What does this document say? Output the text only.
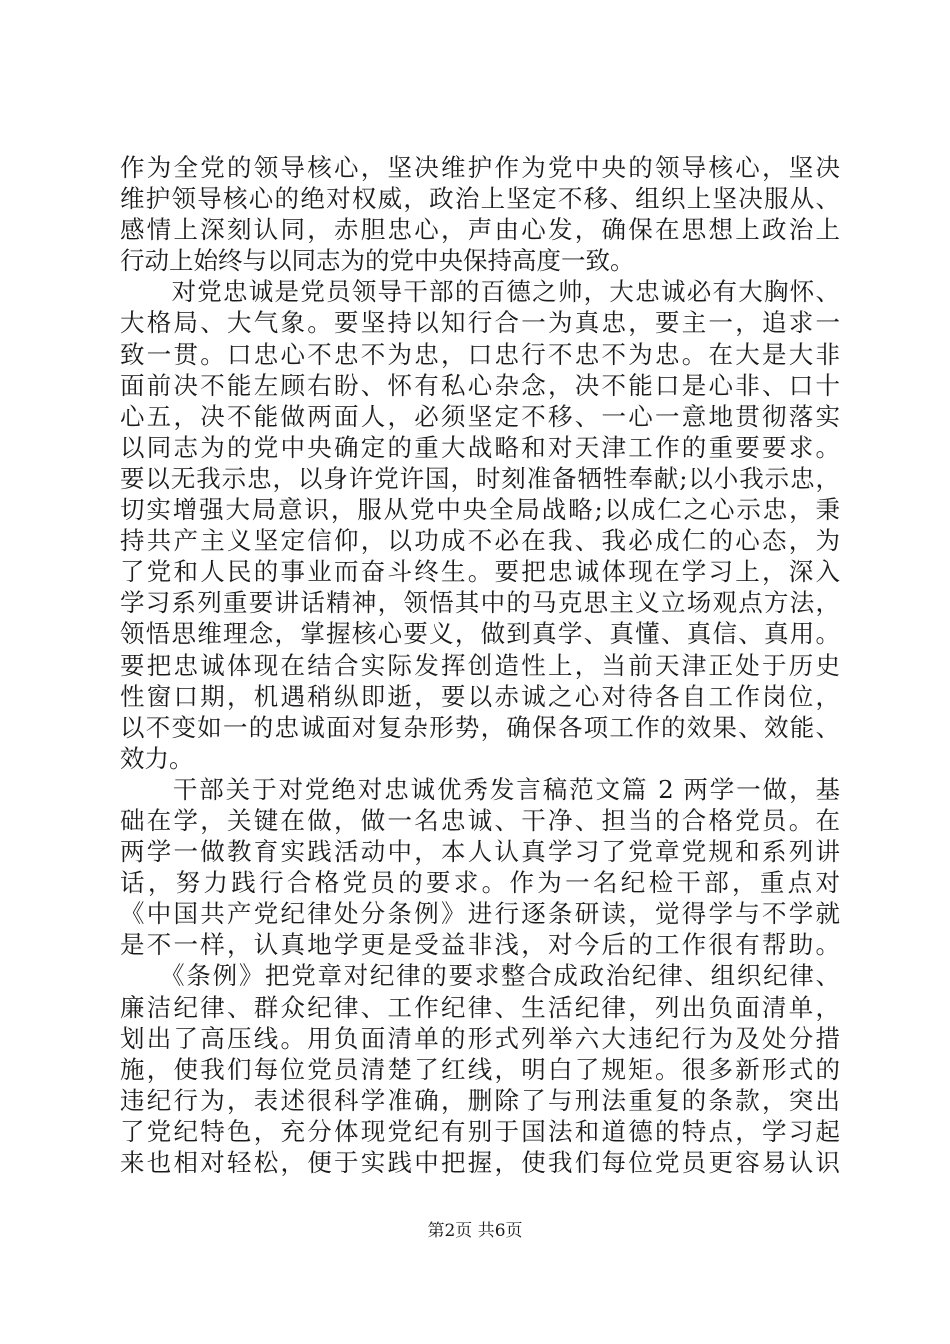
作为全党的领导核心，坚决维护作为党中央的领导核心，坚决
维护领导核心的绝对权威，政治上坚定不移、组织上坚决服从、
感情上深刻认同，赤胆忠心，声由心发，确保在思想上政治上
行动上始终与以同志为的党中央保持高度一致。
　　对党忠诚是党员领导干部的百德之帅，大忠诚必有大胸怀、
大格局、大气象。要坚持以知行合一为真忠，要主一，追求一
致一贯。口忠心不忠不为忠，口忠行不忠不为忠。在大是大非
面前决不能左顾右盼、怀有私心杂念，决不能口是心非、口十
心五，决不能做两面人，必须坚定不移、一心一意地贯彻落实
以同志为的党中央确定的重大战略和对天津工作的重要要求。
要以无我示忠，以身许党许国，时刻准备牺牲奉献;以小我示忠，
切实增强大局意识，服从党中央全局战略;以成仁之心示忠，秉
持共产主义坚定信仰，以功成不必在我、我必成仁的心态，为
了党和人民的事业而奋斗终生。要把忠诚体现在学习上，深入
学习系列重要讲话精神，领悟其中的马克思主义立场观点方法，
领悟思维理念，掌握核心要义，做到真学、真懂、真信、真用。
要把忠诚体现在结合实际发挥创造性上，当前天津正处于历史
性窗口期，机遇稍纵即逝，要以赤诚之心对待各自工作岗位，
以不变如一的忠诚面对复杂形势，确保各项工作的效果、效能、
效力。
　　干部关于对党绝对忠诚优秀发言稿范文篇 2 两学一做，基
础在学，关键在做，做一名忠诚、干净、担当的合格党员。在
两学一做教育实践活动中，本人认真学习了党章党规和系列讲
话，努力践行合格党员的要求。作为一名纪检干部，重点对
《中国共产党纪律处分条例》进行逐条研读，觉得学与不学就
是不一样，认真地学更是受益非浅，对今后的工作很有帮助。
　　《条例》把党章对纪律的要求整合成政治纪律、组织纪律、
廉洁纪律、群众纪律、工作纪律、生活纪律，列出负面清单，
划出了高压线。用负面清单的形式列举六大违纪行为及处分措
施，使我们每位党员清楚了红线，明白了规矩。很多新形式的
违纪行为，表述很科学准确，删除了与刑法重复的条款，突出
了党纪特色，充分体现党纪有别于国法和道德的特点，学习起
来也相对轻松，便于实践中把握，使我们每位党员更容易认识
第2页 共6页
